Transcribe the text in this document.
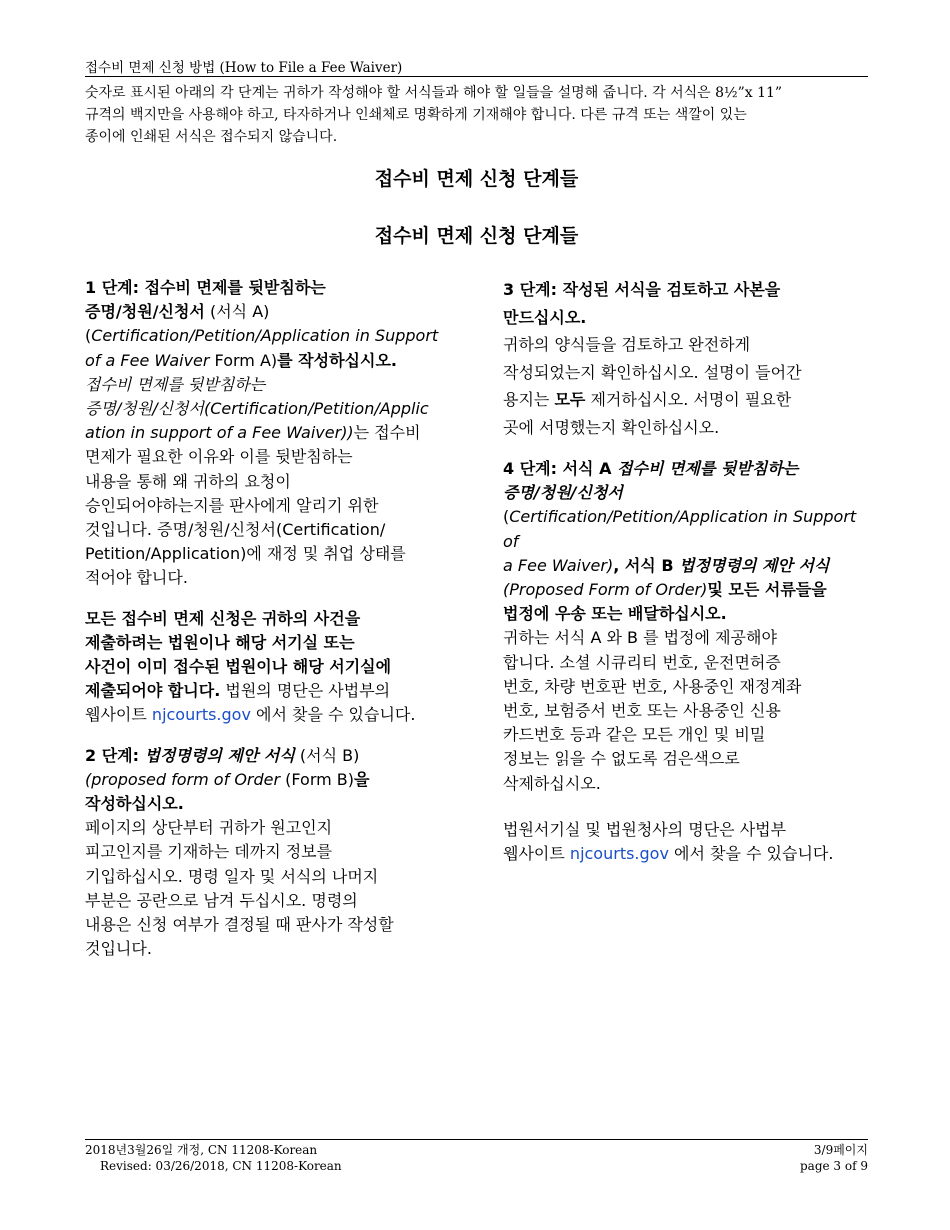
접수비 면제 신청 방법 (How to File a Fee Waiver)
숫자로 표시된 아래의 각 단계는 귀하가 작성해야 할 서식들과 해야 할 일들을 설명해 줍니다. 각 서식은 8½”x 11”
규격의 백지만을 사용해야 하고, 타자하거나 인쇄체로 명확하게 기재해야 합니다. 다른 규격 또는 색깔이 있는
종이에 인쇄된 서식은 접수되지 않습니다.
접수비 면제 신청 단계들
접수비 면제 신청 단계들

1 단계: 접수비 면제를 뒷받침하는

증명/청원/신청서 (서식 A)

(Certification/Petition/Application in Support

of a Fee Waiver Form A)를 작성하십시오.

접수비 면제를 뒷받침하는

증명/청원/신청서(Certification/Petition/Applic

ation in support of a Fee Waiver))는 접수비

면제가 필요한 이유와 이를 뒷받침하는

내용을 통해 왜 귀하의 요청이

승인되어야하는지를 판사에게 알리기 위한

것입니다. 증명/청원/신청서(Certification/

Petition/Application)에 재정 및 취업 상태를

적어야 합니다.

모든 접수비 면제 신청은 귀하의 사건을

제출하려는 법원이나 해당 서기실 또는

사건이 이미 접수된 법원이나 해당 서기실에

제출되어야 합니다. 법원의 명단은 사법부의

웹사이트 njcourts.gov 에서 찾을 수 있습니다.

2 단계: 법정명령의 제안 서식 (서식 B)

(proposed form of Order (Form B)을

작성하십시오.

페이지의 상단부터 귀하가 원고인지

피고인지를 기재하는 데까지 정보를

기입하십시오. 명령 일자 및 서식의 나머지

부분은 공란으로 남겨 두십시오. 명령의

내용은 신청 여부가 결정될 때 판사가 작성할

것입니다.

3 단계: 작성된 서식을 검토하고 사본을

만드십시오.

귀하의 양식들을 검토하고 완전하게

작성되었는지 확인하십시오. 설명이 들어간

용지는 모두 제거하십시오. 서명이 필요한

곳에 서명했는지 확인하십시오.

4 단계: 서식 A 접수비 면제를 뒷받침하는

증명/청원/신청서

(Certification/Petition/Application in Support of

a Fee Waiver), 서식 B 법정명령의 제안 서식

(Proposed Form of Order)및 모든 서류들을

법정에 우송 또는 배달하십시오.

귀하는 서식 A 와 B 를 법정에 제공해야

합니다. 소셜 시큐리티 번호, 운전면허증

번호, 차량 번호판 번호, 사용중인 재정계좌

번호, 보험증서 번호 또는 사용중인 신용

카드번호 등과 같은 모든 개인 및 비밀

정보는 읽을 수 없도록 검은색으로

삭제하십시오.

법원서기실 및 법원청사의 명단은 사법부

웹사이트 njcourts.gov 에서 찾을 수 있습니다.

2018년3월26일 개정, CN 11208-Korean
Revised: 03/26/2018, CN 11208-Korean
3/9페이지
page 3 of 9
